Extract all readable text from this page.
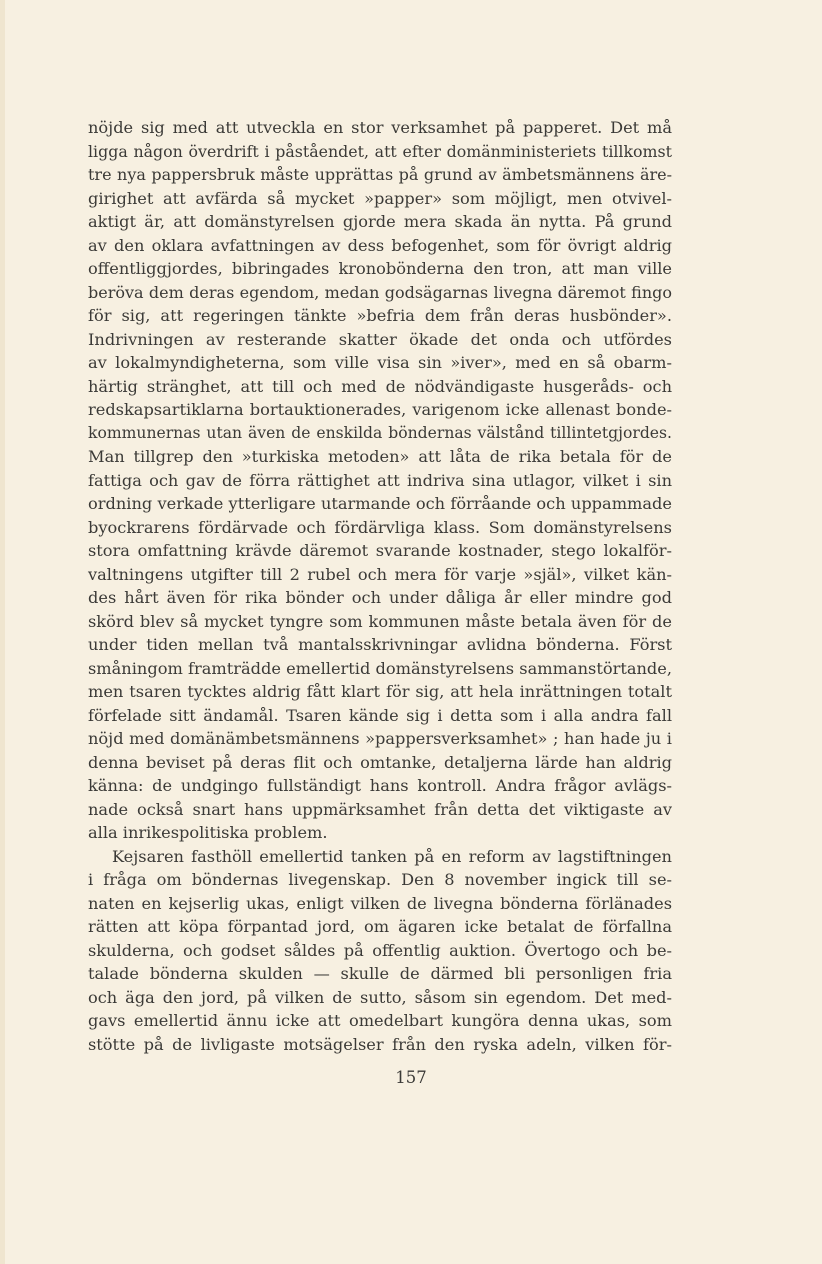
nöjde sig med att utveckla en stor verksamhet på papperet. Det må
ligga någon överdrift i påståendet, att efter domänministeriets tillkomst
tre nya pappersbruk måste upprättas på grund av ämbetsmännens äre-
girighet att avfärda så mycket »papper» som möjligt, men otvivel-
aktigt är, att domänstyrelsen gjorde mera skada än nytta. På grund
av den oklara avfattningen av dess befogenhet, som för övrigt aldrig
offentliggjordes, bibringades kronobönderna den tron, att man ville
beröva dem deras egendom, medan godsägarnas livegna däremot fingo
för sig, att regeringen tänkte »befria dem från deras husbönder».
Indrivningen av resterande skatter ökade det onda och utfördes
av lokalmyndigheterna, som ville visa sin »iver», med en så obarm-
härtig stränghet, att till och med de nödvändigaste husgeråds- och
redskapsartiklarna bortauktionerades, varigenom icke allenast bonde-
kommunernas utan även de enskilda böndernas välstånd tillintetgjordes.
Man tillgrep den »turkiska metoden» att låta de rika betala för de
fattiga och gav de förra rättighet att indriva sina utlagor, vilket i sin
ordning verkade ytterligare utarmande och förråande och uppammade
byockrarens fördärvade och fördärvliga klass. Som domänstyrelsens
stora omfattning krävde däremot svarande kostnader, stego lokalför-
valtningens utgifter till 2 rubel och mera för varje »själ», vilket kän-
des hårt även för rika bönder och under dåliga år eller mindre god
skörd blev så mycket tyngre som kommunen måste betala även för de
under tiden mellan två mantalsskrivningar avlidna bönderna. Först
småningom framträdde emellertid domänstyrelsens sammanstörtande,
men tsaren tycktes aldrig fått klart för sig, att hela inrättningen totalt
förfelade sitt ändamål. Tsaren kände sig i detta som i alla andra fall
nöjd med domänämbetsmännens »pappersverksamhet» ; han hade ju i
denna beviset på deras flit och omtanke, detaljerna lärde han aldrig
känna: de undgingo fullständigt hans kontroll. Andra frågor avlägs-
nade också snart hans uppmärksamhet från detta det viktigaste av
alla inrikespolitiska problem.
Kejsaren fasthöll emellertid tanken på en reform av lagstiftningen
i fråga om böndernas livegenskap. Den 8 november ingick till se-
naten en kejserlig ukas, enligt vilken de livegna bönderna förlänades
rätten att köpa förpantad jord, om ägaren icke betalat de förfallna
skulderna, och godset såldes på offentlig auktion. Övertogo och be-
talade bönderna skulden — skulle de därmed bli personligen fria
och äga den jord, på vilken de sutto, såsom sin egendom. Det med-
gavs emellertid ännu icke att omedelbart kungöra denna ukas, som
stötte på de livligaste motsägelser från den ryska adeln, vilken för-
157
